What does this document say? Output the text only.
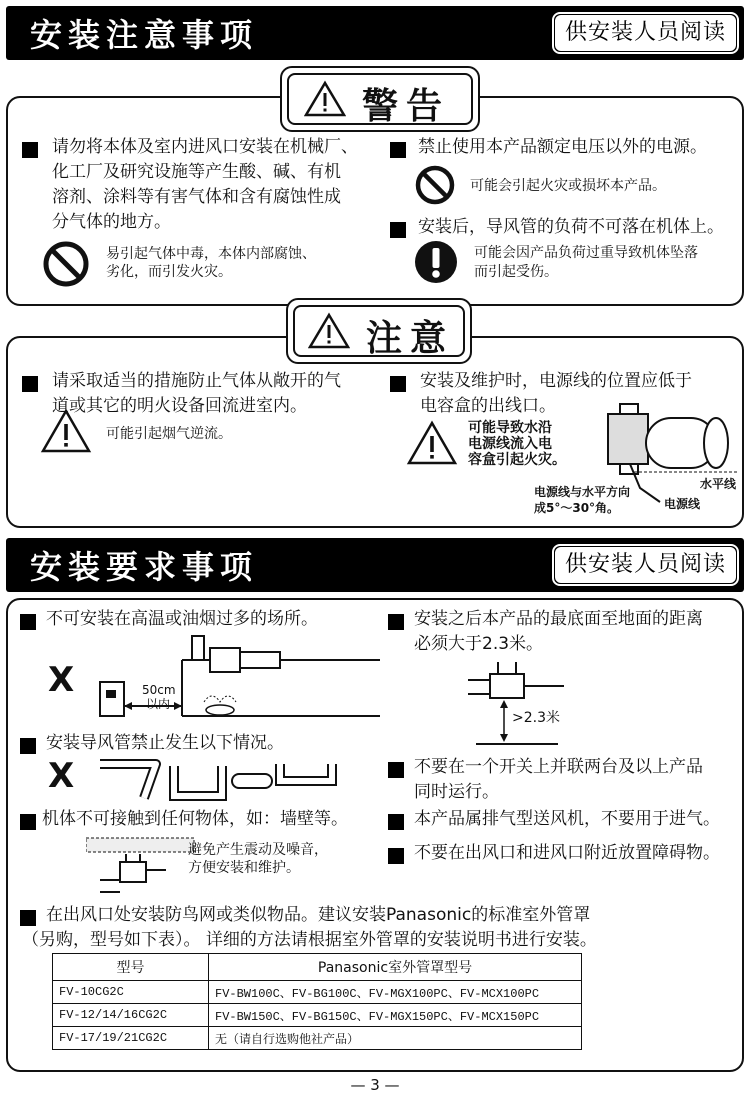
安装注意事项	供安装人员阅读
警告
请勿将本体及室内进风口安装在机械厂、
化工厂及研究设施等产生酸、碱、有机
溶剂、涂料等有害气体和含有腐蚀性成
分气体的地方。
易引起气体中毒，本体内部腐蚀、
劣化，而引发火灾。
禁止使用本产品额定电压以外的电源。
可能会引起火灾或损坏本产品。
安装后，导风管的负荷不可落在机体上。
可能会因产品负荷过重导致机体坠落
而引起受伤。
注意
请采取适当的措施防止气体从敞开的气
道或其它的明火设备回流进室内。
可能引起烟气逆流。
安装及维护时，电源线的位置应低于
电容盒的出线口。
可能导致水沿
电源线流入电
容盒引起火灾。
水平线
电源线
电源线与水平方向
成5°～30°角。
安装要求事项	供安装人员阅读
不可安装在高温或油烟过多的场所。
X	50cm
以内
安装导风管禁止发生以下情况。
X
机体不可接触到任何物体，如：墙壁等。
避免产生震动及噪音，
方便安装和维护。
安装之后本产品的最底面至地面的距离
必须大于2.3米。
>2.3米
不要在一个开关上并联两台及以上产品
同时运行。
本产品属排气型送风机，不要用于进气。
不要在出风口和进风口附近放置障碍物。
在出风口处安装防鸟网或类似物品。建议安装Panasonic的标准室外管罩
（另购，型号如下表）。 详细的方法请根据室外管罩的安装说明书进行安装。
型号	Panasonic室外管罩型号
FV-10CG2C	FV-BW100C、FV-BG100C、FV-MGX100PC、FV-MCX100PC
FV-12/14/16CG2C	FV-BW150C、FV-BG150C、FV-MGX150PC、FV-MCX150PC
FV-17/19/21CG2C	无（请自行选购他社产品）
— 3 —
